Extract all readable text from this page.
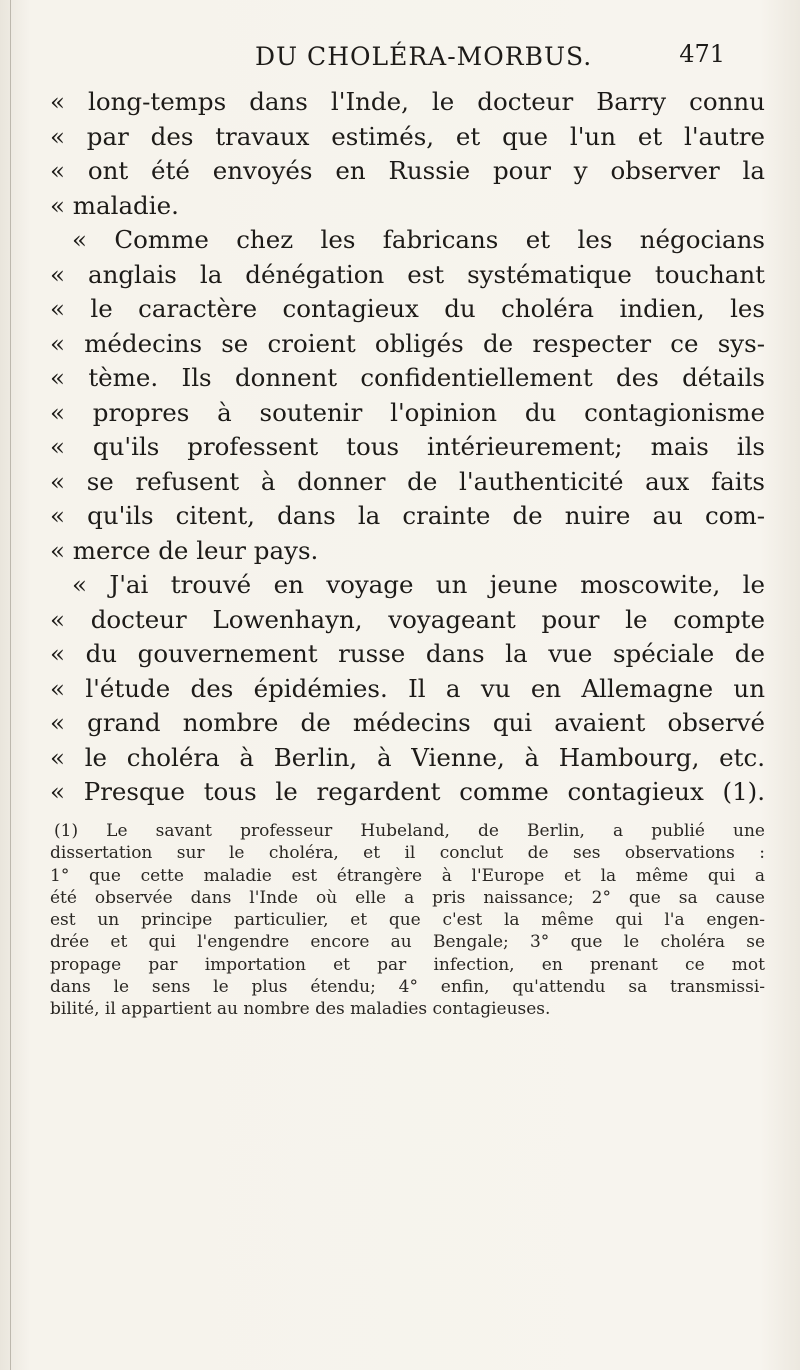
DU CHOLÉRA-MORBUS.	471
« long-temps dans l'Inde, le docteur Barry connu
« par des travaux estimés, et que l'un et l'autre
« ont été envoyés en Russie pour y observer la
« maladie.
« Comme chez les fabricans et les négocians
« anglais la dénégation est systématique touchant
« le caractère contagieux du choléra indien, les
« médecins se croient obligés de respecter ce sys-
« tème. Ils donnent confidentiellement des détails
« propres à soutenir l'opinion du contagionisme
« qu'ils professent tous intérieurement; mais ils
« se refusent à donner de l'authenticité aux faits
« qu'ils citent, dans la crainte de nuire au com-
« merce de leur pays.
« J'ai trouvé en voyage un jeune moscowite, le
« docteur Lowenhayn, voyageant pour le compte
« du gouvernement russe dans la vue spéciale de
« l'étude des épidémies. Il a vu en Allemagne un
« grand nombre de médecins qui avaient observé
« le choléra à Berlin, à Vienne, à Hambourg, etc.
« Presque tous le regardent comme contagieux (1).
(1) Le savant professeur Hubeland, de Berlin, a publié une
dissertation sur le choléra, et il conclut de ses observations :
1° que cette maladie est étrangère à l'Europe et la même qui a
été observée dans l'Inde où elle a pris naissance; 2° que sa cause
est un principe particulier, et que c'est la même qui l'a engen-
drée et qui l'engendre encore au Bengale; 3° que le choléra se
propage par importation et par infection, en prenant ce mot
dans le sens le plus étendu; 4° enfin, qu'attendu sa transmissi-
bilité, il appartient au nombre des maladies contagieuses.
